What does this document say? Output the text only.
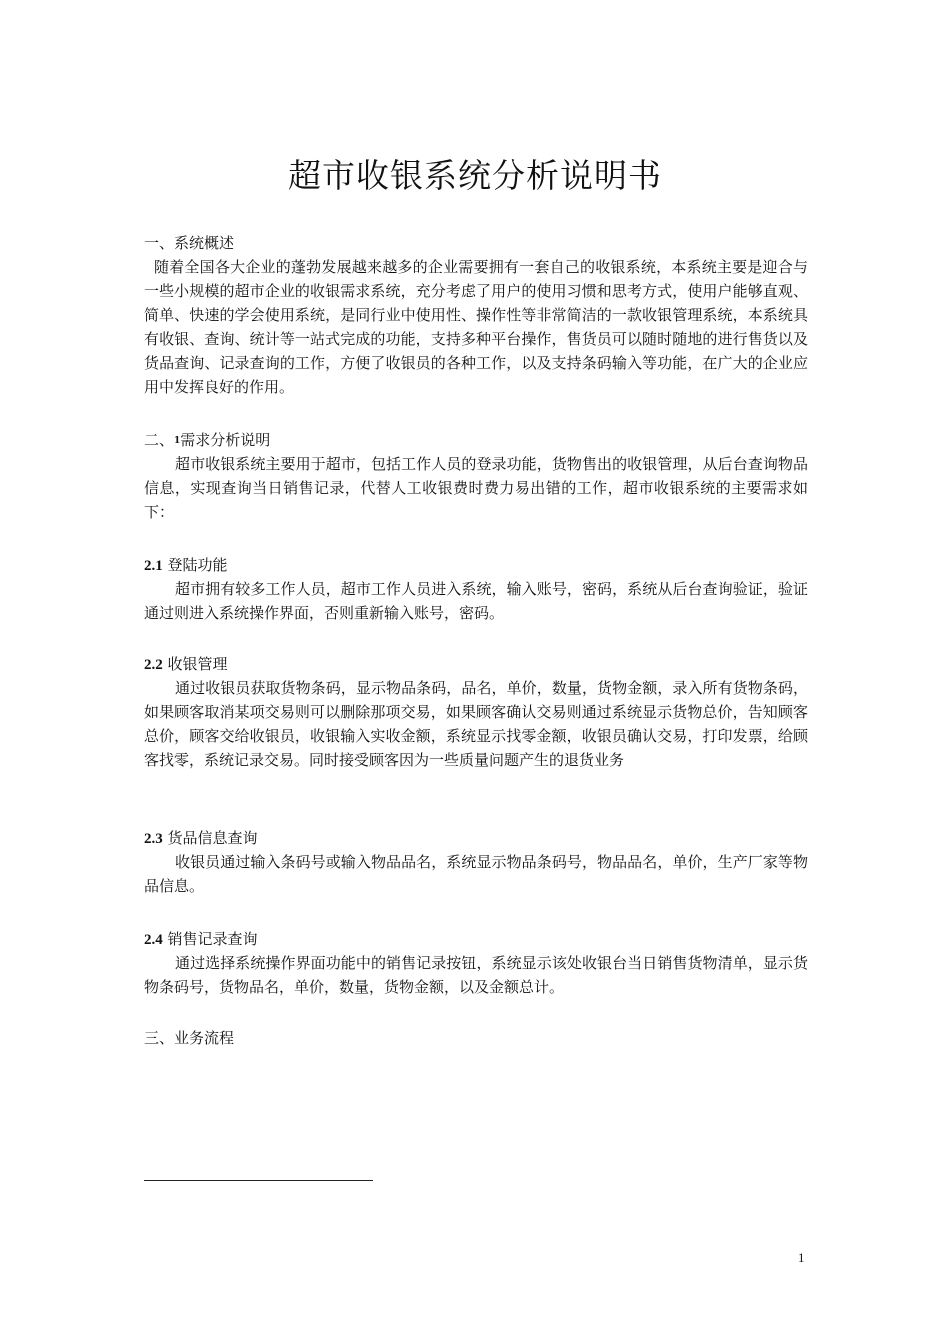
超市收银系统分析说明书
一、系统概述

随着全国各大企业的蓬勃发展越来越多的企业需要拥有一套自己的收银系统，本系统主要是迎合与一些小规模的超市企业的收银需求系统，充分考虑了用户的使用习惯和思考方式，使用户能够直观、简单、快速的学会使用系统，是同行业中使用性、操作性等非常简洁的一款收银管理系统，本系统具有收银、查询、统计等一站式完成的功能，支持多种平台操作，售货员可以随时随地的进行售货以及货品查询、记录查询的工作，方便了收银员的各种工作，以及支持条码输入等功能，在广大的企业应用中发挥良好的作用。

二、$^1$需求分析说明

超市收银系统主要用于超市，包括工作人员的登录功能，货物售出的收银管理，从后台查询物品信息，实现查询当日销售记录，代替人工收银费时费力易出错的工作，超市收银系统的主要需求如下：

2.1 登陆功能

超市拥有较多工作人员，超市工作人员进入系统，输入账号，密码，系统从后台查询验证，验证通过则进入系统操作界面，否则重新输入账号，密码。

2.2 收银管理

通过收银员获取货物条码，显示物品条码，品名，单价，数量，货物金额，录入所有货物条码，如果顾客取消某项交易则可以删除那项交易，如果顾客确认交易则通过系统显示货物总价，告知顾客总价，顾客交给收银员，收银输入实收金额，系统显示找零金额，收银员确认交易，打印发票，给顾客找零，系统记录交易。同时接受顾客因为一些质量问题产生的退货业务

2.3 货品信息查询

收银员通过输入条码号或输入物品品名，系统显示物品条码号，物品品名，单价，生产厂家等物品信息。

2.4 销售记录查询

通过选择系统操作界面功能中的销售记录按钮，系统显示该处收银台当日销售货物清单，显示货物条码号，货物品名，单价，数量，货物金额，以及金额总计。

三、业务流程
1
